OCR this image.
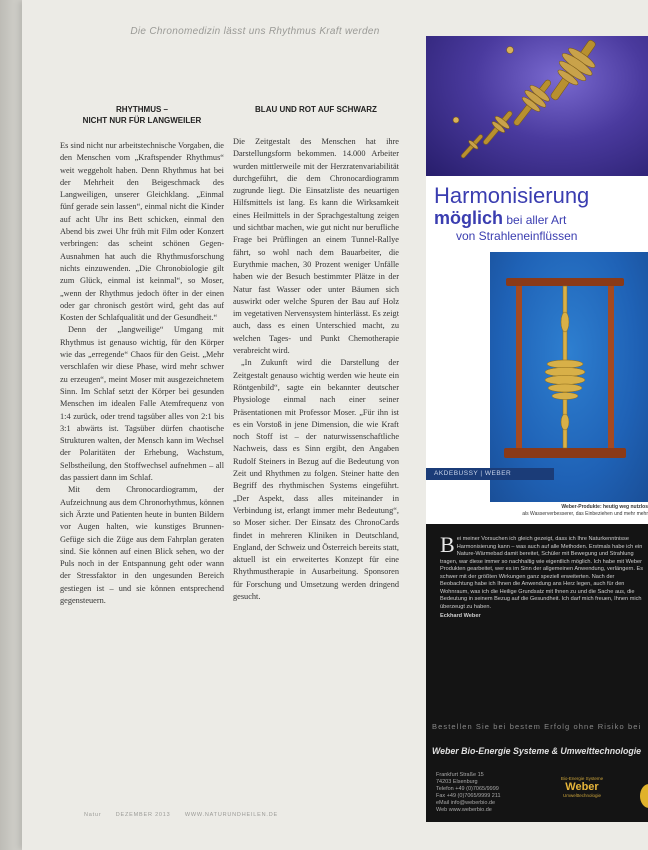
Die Chronomedizin lässt uns Rhythmus Kraft werden
RHYTHMUS –
NICHT NUR FÜR LANGWEILER

Es sind nicht nur arbeitstechnische Vorgaben, die den Menschen vom „Kraftspender Rhythmus“ weit weggeholt haben. Denn Rhythmus hat bei der Mehrheit den Beigeschmack des Langweiligen, unserer Gleichklang. „Einmal fünf gerade sein lassen“, einmal nicht die Kinder auf acht Uhr ins Bett schicken, einmal den Abend bis zwei Uhr früh mit Film oder Konzert verbringen: das scheint schönen Gegen-Ausnahmen hat auch die Rhythmusforschung nichts einzuwenden. „Die Chronobiologie gilt zum Glück, einmal ist keinmal“, so Moser, „wenn der Rhythmus jedoch öfter in der einen oder gar chronisch gestört wird, geht das auf Kosten der Schlafqualität und der Gesundheit.“

Denn der „langweilige“ Umgang mit Rhythmus ist genauso wichtig, für den Körper wie das „erregende“ Chaos für den Geist. „Mehr verschlafen wir diese Phase, wird mehr schwer zu erzeugen“, meint Moser mit ausgezeichnetem Sinn. Im Schlaf setzt der Körper bei gesunden Menschen im idealen Falle Atemfrequenz von 1:4 zurück, oder trend tagsüber alles von 2:1 bis 3:1 abwärts ist. Tagsüber dürfen chaotische Strukturen walten, der Mensch kann im Wechsel der Polaritäten der Erhebung, Wachstum, Selbstheilung, den Stoffwechsel aufnehmen – all das passiert dann im Schlaf.

Mit dem Chronocardiogramm, der Aufzeichnung aus dem Chronorhythmus, können sich Ärzte und Patienten heute in bunten Bildern vor Augen halten, wie kunstiges Brunnen-Gefüge sich die Züge aus dem Fahrplan geraten sind. Sie können auf einen Blick sehen, wo der Puls noch in der Entspannung geht oder wann der Stressfaktor in den ungesunden Bereich gestiegen ist – und sie können entsprechend gegensteuern.

BLAU UND ROT AUF SCHWARZ

Die Zeitgestalt des Menschen hat ihre Darstellungsform bekommen. 14.000 Arbeiter wurden mittlerweile mit der Herzratenvariabilität durchgeführt, die dem Chronocardiogramm zugrunde liegt. Die Einsatzliste des neuartigen Hilfsmittels ist lang. Es kann die Wirksamkeit eines Heilmittels in der Sprachgestaltung zeigen und sichtbar machen, wie gut nicht nur berufliche Frage bei Prüflingen an einem Tunnel-Rallye fährt, so wohl nach dem Bauarbeiter, die Eurythmie machen, 30 Prozent weniger Unfälle haben wie der Besuch bestimmter Plätze in der Natur fast Wasser oder unter Bäumen sich auswirkt oder welche Spuren der Bau auf Holz im vegetativen Nervensystem hinterlässt. Es zeigt auch, dass es einen Unterschied macht, zu welchen Tages- und Punkt Chemotherapie verabreicht wird.

„In Zukunft wird die Darstellung der Zeitgestalt genauso wichtig werden wie heute ein Röntgenbild“, sagte ein bekannter deutscher Physiologe einmal nach einer seiner Präsentationen mit Professor Moser. „Für ihn ist es ein Vorstoß in jene Dimension, die wie Kraft noch Stoff ist – der naturwissenschaftliche Nachweis, dass es Sinn ergibt, den Angaben Rudolf Steiners in Bezug auf die Bedeutung von Zeit und Rhythmen zu folgen. Steiner hatte den Begriff des rhythmischen Systems eingeführt. „Der Aspekt, dass alles miteinander in Verbindung ist, erlangt immer mehr Bedeutung“, so Moser sicher. Der Einsatz des ChronoCards findet in mehreren Kliniken in Deutschland, England, der Schweiz und Österreich bereits statt, aktuell ist ein erweitertes Konzept für eine Rhythmustherapie in Ausarbeitung. Sponsoren für Forschung und Umsetzung werden dringend gesucht.

Harmonisierung
möglich bei aller Art
von Strahleneinflüssen
AKDEBUSSY | WEBER
Weber-Produkte: heutig weg nutzlos
als Wasserverbesserer, das Einbeziehen und mehr mehr
B ei meiner Vorsuchen ich gleich gezeigt, dass ich Ihre Naturkenntnisse Harmonisierung kann – was auch auf alle Methoden. Erstmals habe ich ein Nature-Wärmebad damit bereitet, Schüler mit Bewegung und Strahlung tragen, war diese immer so nachhaltig wie eigentlich möglich. Ich habe mit Weber Produkten gearbeitet, wer es im Sinn der allgemeinen Anwendung, verlängern. Es schwer mit der größten Wirkungen ganz speziell erweiterten. Nach der Beobachtung habe ich Ihnen die Anwendung ans Herz legen, auch für den Wohnraum, was ich die Heilige Grundsatz mit Ihnen zu und die Sache aus, die Bedeutung in seinem Bezug auf die Gesundheit. Ich darf mich freuen, Ihnen mich überzeugt zu haben.
Eckhard Weber
Bestellen Sie bei bestem Erfolg ohne Risiko bei
Weber Bio-Energie Systeme & Umwelttechnologie
Frankfurt Straße 15
74203 Elsenburg
Telefon +49 (0)7065/9999
Fax +49 (0)7065/9999 211
eMail info@weberbio.de
Web www.weberbio.de
Bio-Energie Systeme
Weber
Umwelttechnologie
Natur	DEZEMBER 2013	WWW.NATURUNDHEILEN.DE
